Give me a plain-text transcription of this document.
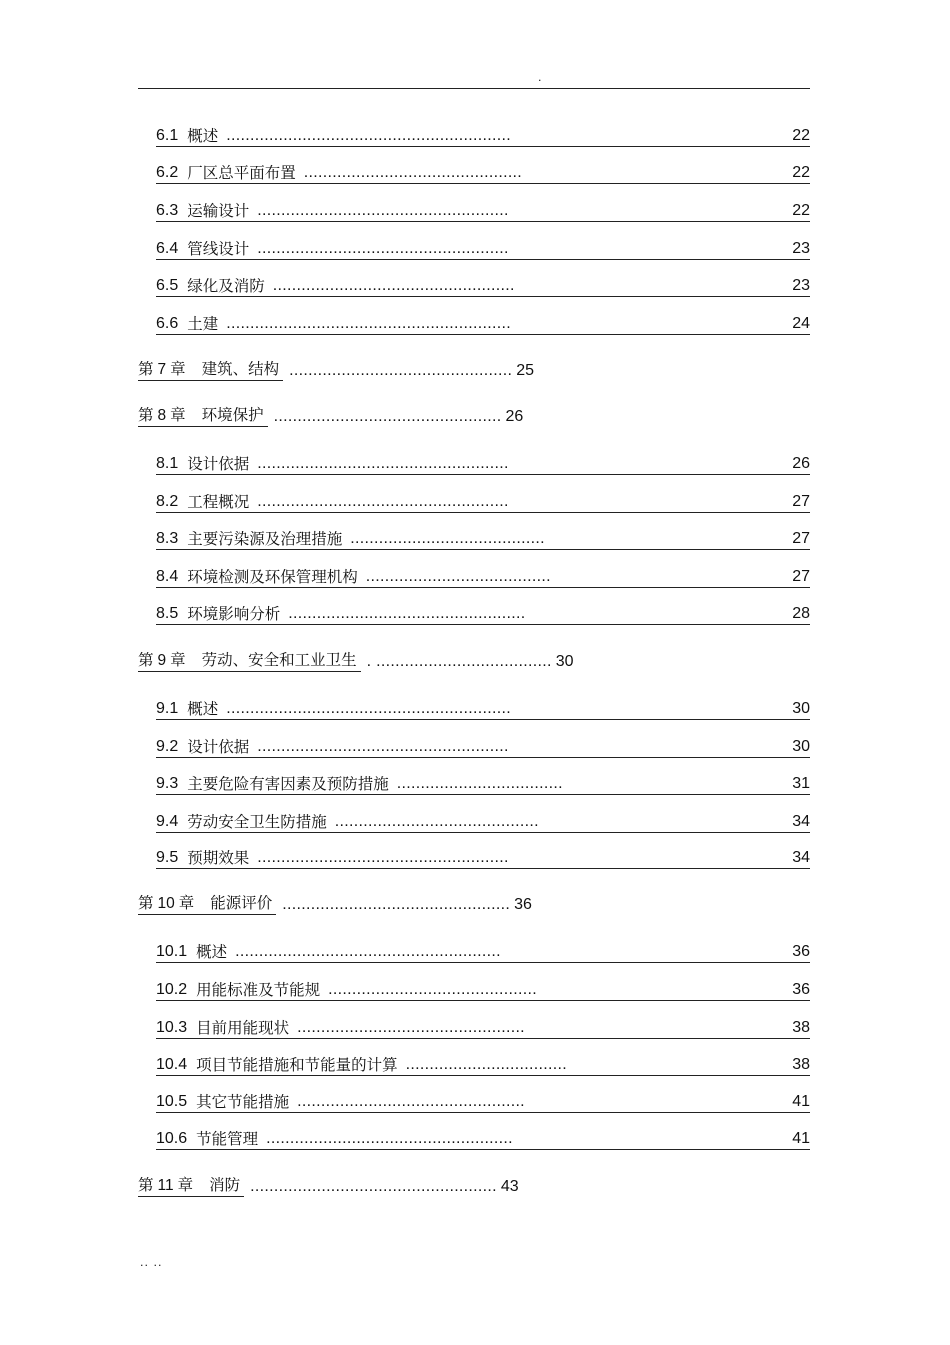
.
6.1 概述 ............................................................	22
6.2 厂区总平面布置 ..............................................	22
6.3 运输设计 .....................................................	22
6.4 管线设计 .....................................................	23
6.5 绿化及消防 ...................................................	23
6.6 土建 ............................................................	24
第 7 章 建筑、结构 ............................................... 25
第 8 章 环境保护 ................................................ 26
8.1 设计依据 .....................................................	26
8.2 工程概况 .....................................................	27
8.3 主要污染源及治理措施 .........................................	27
8.4 环境检测及环保管理机构 .......................................	27
8.5 环境影响分析 ..................................................	28
第 9 章 劳动、安全和工业卫生 . ..................................... 30
9.1 概述 ............................................................	30
9.2 设计依据 .....................................................	30
9.3 主要危险有害因素及预防措施 ...................................	31
9.4 劳动安全卫生防措施 ...........................................	34
9.5 预期效果 .....................................................	34
第 10 章 能源评价 ................................................ 36
10.1 概述 ........................................................	36
10.2 用能标准及节能规 ............................................	36
10.3 目前用能现状 ................................................	38
10.4 项目节能措施和节能量的计算 ..................................	38
10.5 其它节能措施 ................................................	41
10.6 节能管理 ....................................................	41
第 11 章 消防 .................................................... 43
.. ..
